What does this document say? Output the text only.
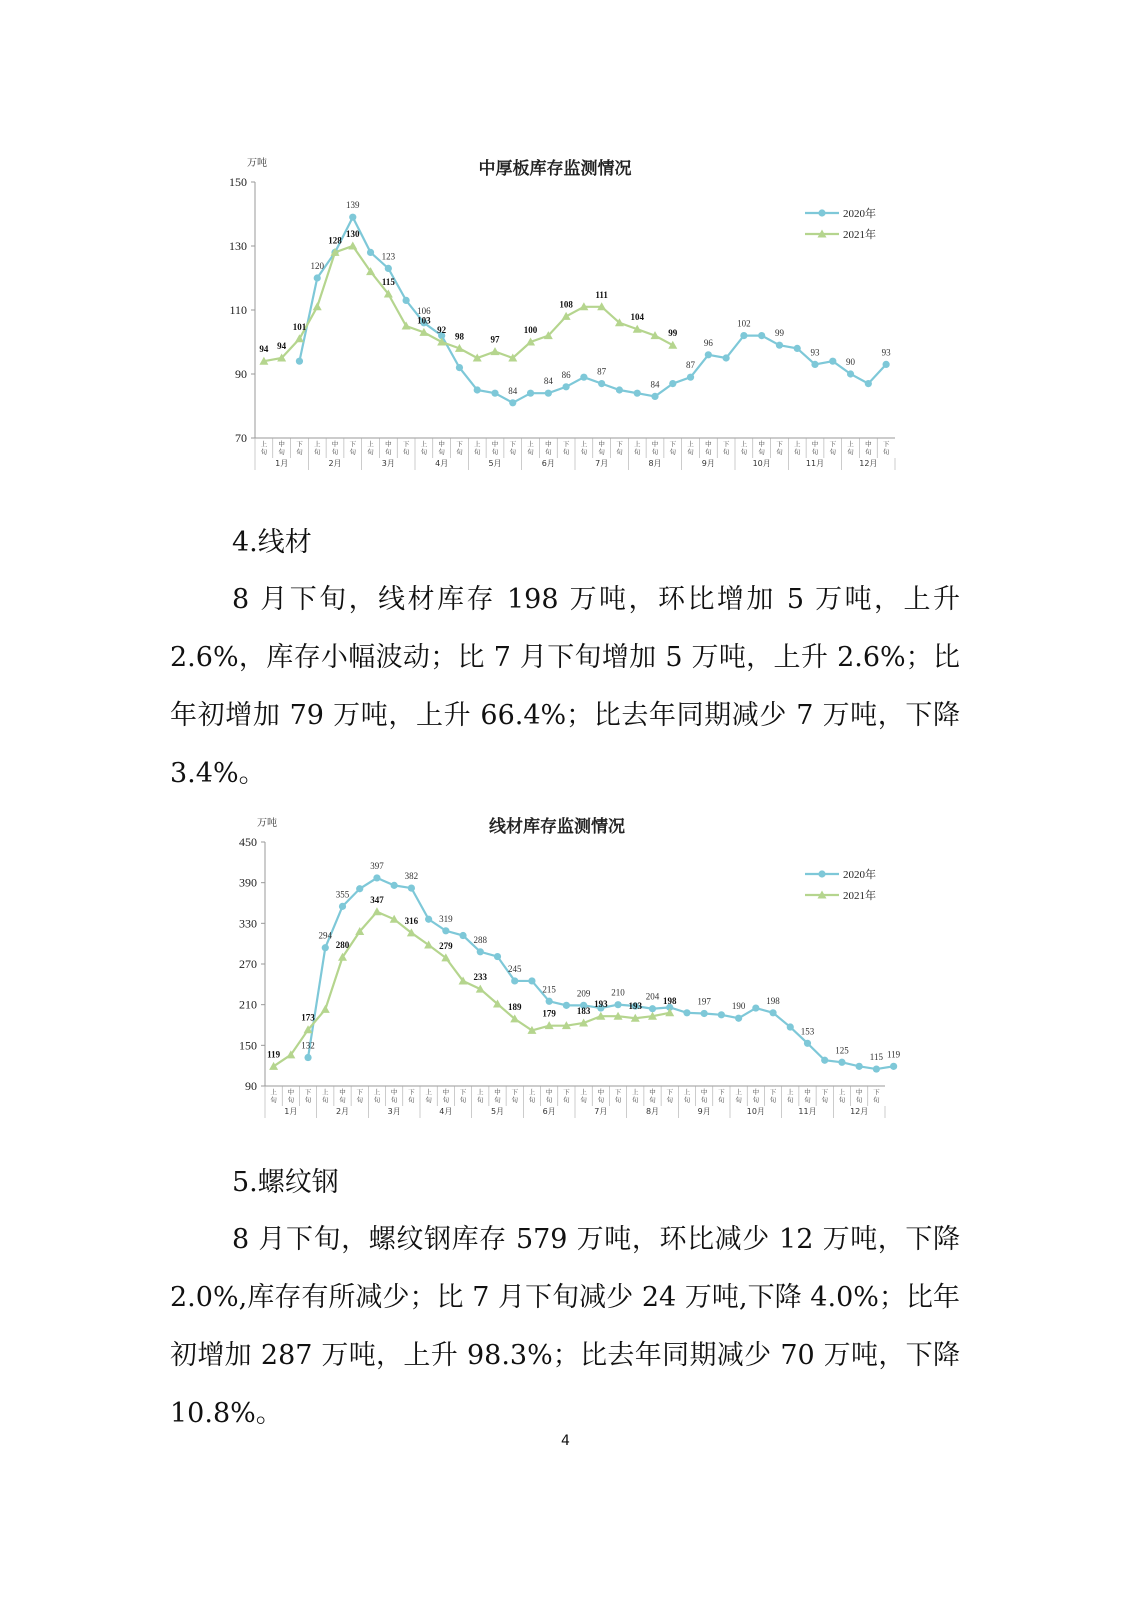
中厚板库存监测情况
万吨
70
90
110
130
150
上
旬
中
旬
下
旬
上
旬
中
旬
下
旬
上
旬
中
旬
下
旬
上
旬
中
旬
下
旬
上
旬
中
旬
下
旬
上
旬
中
旬
下
旬
上
旬
中
旬
下
旬
上
旬
中
旬
下
旬
上
旬
中
旬
下
旬
上
旬
中
旬
下
旬
上
旬
中
旬
下
旬
上
旬
中
旬
下
旬
1月	2月	3月	4月	5月	6月	7月	8月	9月	10月	11月	12月
120
139
123
106
84
84
86	87
84
87
96
102
99
93
90
93
94 94
101
128
130
115
103
92
98	97
100
108
111
104
99
2020年
2021年
4.线材

8 月下旬，线材库存 198 万吨，环比增加 5 万吨，上升 2.6%，库存小幅波动；比 7 月下旬增加 5 万吨，上升 2.6%；比年初增加 79 万吨，上升 66.4%；比去年同期减少 7 万吨，下降 3.4%。

线材库存监测情况
万吨
90
150
210
270
330
390
450
上
旬
中
旬
下
旬
上
旬
中
旬
下
旬
上
旬
中
旬
下
旬
上
旬
中
旬
下
旬
上
旬
中
旬
下
旬
上
旬
中
旬
下
旬
上
旬
中
旬
下
旬
上
旬
中
旬
下
旬
上
旬
中
旬
下
旬
上
旬
中
旬
下
旬
上
旬
中
旬
下
旬
上
旬
中
旬
下
旬
1月	2月	3月	4月	5月	6月	7月	8月	9月	10月	11月	12月
132
294
355
397
382
319
288
245
215 209 210 204	197 190
198
153
125
115 119
119
173
280
347
316
279
233
189
179 183
193 193
198
2020年
2021年
5.螺纹钢

8 月下旬，螺纹钢库存 579 万吨，环比减少 12 万吨，下降 2.0%,库存有所减少；比 7 月下旬减少 24 万吨,下降 4.0%；比年初增加 287 万吨，上升 98.3%；比去年同期减少 70 万吨，下降 10.8%。

4
